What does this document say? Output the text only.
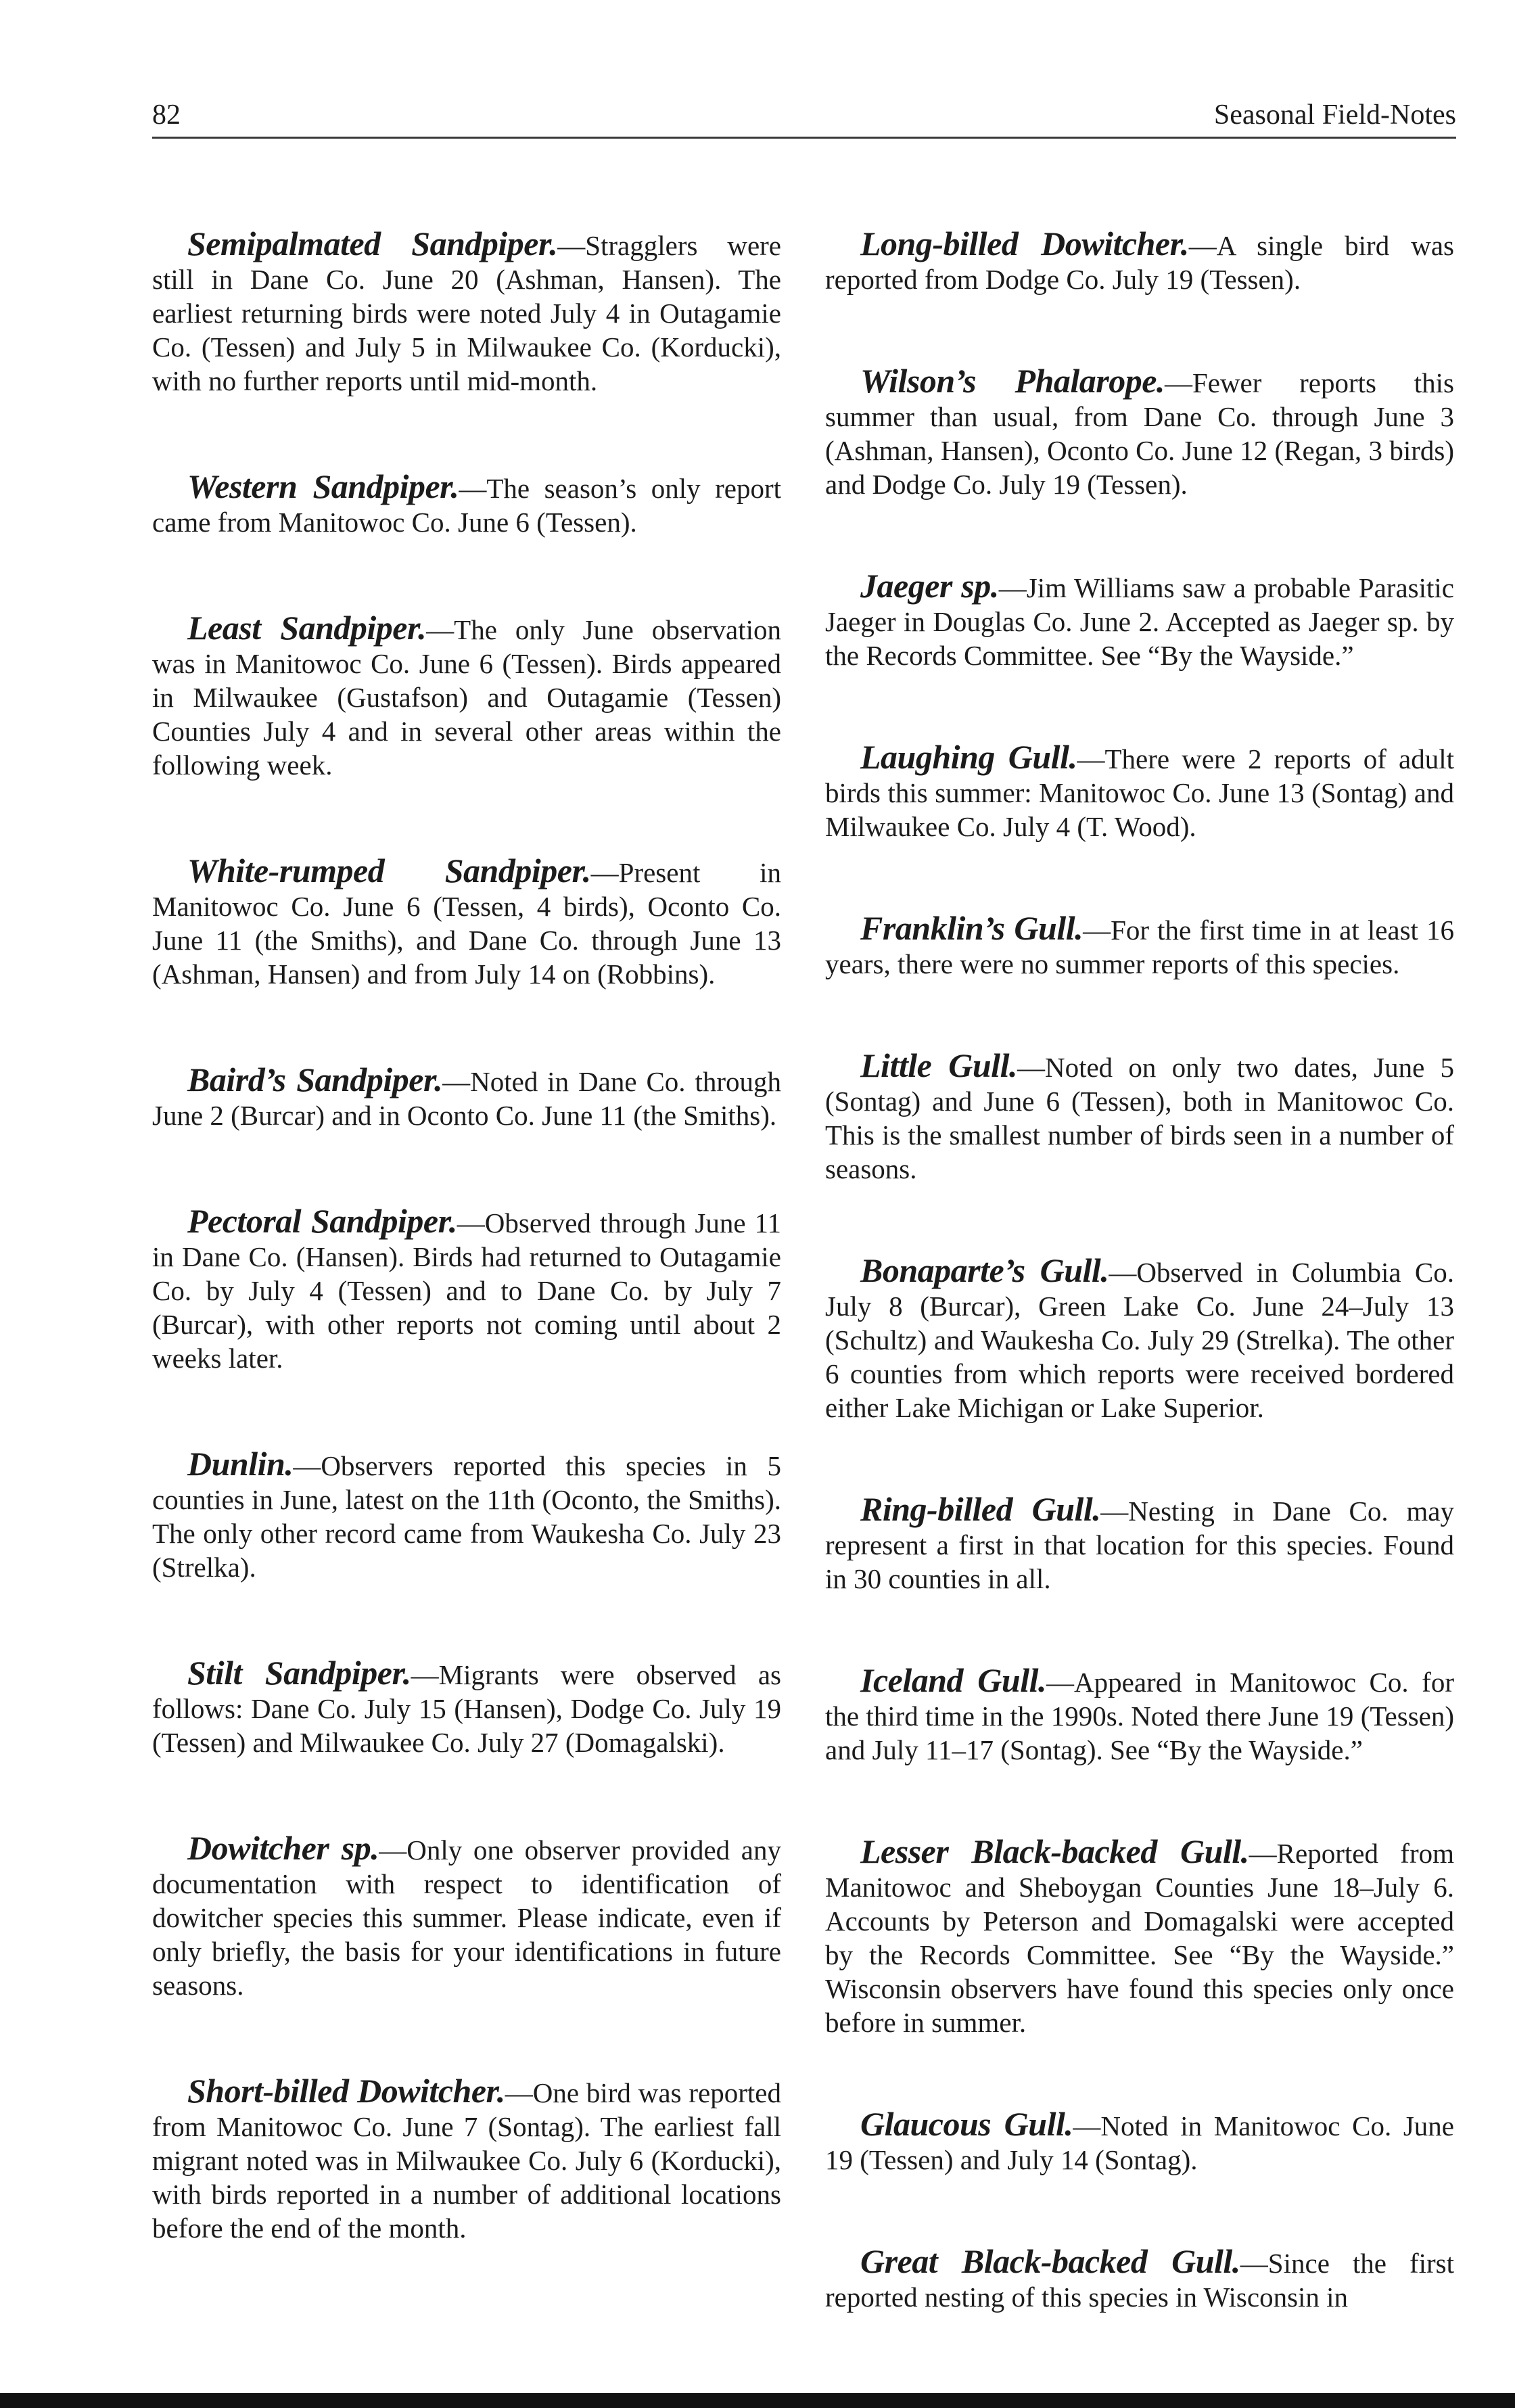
82	Seasonal Field-Notes

Semipalmated Sandpiper.—Stragglers were still in Dane Co. June 20 (Ashman, Hansen). The earliest returning birds were noted July 4 in Outagamie Co. (Tessen) and July 5 in Milwaukee Co. (Korducki), with no further reports until mid-month.

Western Sandpiper.—The season’s only report came from Manitowoc Co. June 6 (Tessen).

Least Sandpiper.—The only June observation was in Manitowoc Co. June 6 (Tessen). Birds appeared in Milwaukee (Gustafson) and Outagamie (Tessen) Counties July 4 and in several other areas within the following week.

White-rumped Sandpiper.—Present in Manitowoc Co. June 6 (Tessen, 4 birds), Oconto Co. June 11 (the Smiths), and Dane Co. through June 13 (Ashman, Hansen) and from July 14 on (Robbins).

Baird’s Sandpiper.—Noted in Dane Co. through June 2 (Burcar) and in Oconto Co. June 11 (the Smiths).

Pectoral Sandpiper.—Observed through June 11 in Dane Co. (Hansen). Birds had returned to Outagamie Co. by July 4 (Tessen) and to Dane Co. by July 7 (Burcar), with other reports not coming until about 2 weeks later.

Dunlin.—Observers reported this species in 5 counties in June, latest on the 11th (Oconto, the Smiths). The only other record came from Waukesha Co. July 23 (Strelka).

Stilt Sandpiper.—Migrants were observed as follows: Dane Co. July 15 (Hansen), Dodge Co. July 19 (Tessen) and Milwaukee Co. July 27 (Domagalski).

Dowitcher sp.—Only one observer provided any documentation with respect to identification of dowitcher species this summer. Please indicate, even if only briefly, the basis for your identifications in future seasons.

Short-billed Dowitcher.—One bird was reported from Manitowoc Co. June 7 (Sontag). The earliest fall migrant noted was in Milwaukee Co. July 6 (Korducki), with birds reported in a number of additional locations before the end of the month.

Long-billed Dowitcher.—A single bird was reported from Dodge Co. July 19 (Tessen).

Wilson’s Phalarope.—Fewer reports this summer than usual, from Dane Co. through June 3 (Ashman, Hansen), Oconto Co. June 12 (Regan, 3 birds) and Dodge Co. July 19 (Tessen).

Jaeger sp.—Jim Williams saw a probable Parasitic Jaeger in Douglas Co. June 2. Accepted as Jaeger sp. by the Records Committee. See “By the Wayside.”

Laughing Gull.—There were 2 reports of adult birds this summer: Manitowoc Co. June 13 (Sontag) and Milwaukee Co. July 4 (T. Wood).

Franklin’s Gull.—For the first time in at least 16 years, there were no summer reports of this species.

Little Gull.—Noted on only two dates, June 5 (Sontag) and June 6 (Tessen), both in Manitowoc Co. This is the smallest number of birds seen in a number of seasons.

Bonaparte’s Gull.—Observed in Columbia Co. July 8 (Burcar), Green Lake Co. June 24–July 13 (Schultz) and Waukesha Co. July 29 (Strelka). The other 6 counties from which reports were received bordered either Lake Michigan or Lake Superior.

Ring-billed Gull.—Nesting in Dane Co. may represent a first in that location for this species. Found in 30 counties in all.

Iceland Gull.—Appeared in Manitowoc Co. for the third time in the 1990s. Noted there June 19 (Tessen) and July 11–17 (Sontag). See “By the Wayside.”

Lesser Black-backed Gull.—Reported from Manitowoc and Sheboygan Counties June 18–July 6. Accounts by Peterson and Domagalski were accepted by the Records Committee. See “By the Wayside.” Wisconsin observers have found this species only once before in summer.

Glaucous Gull.—Noted in Manitowoc Co. June 19 (Tessen) and July 14 (Sontag).

Great Black-backed Gull.—Since the first reported nesting of this species in Wisconsin in
